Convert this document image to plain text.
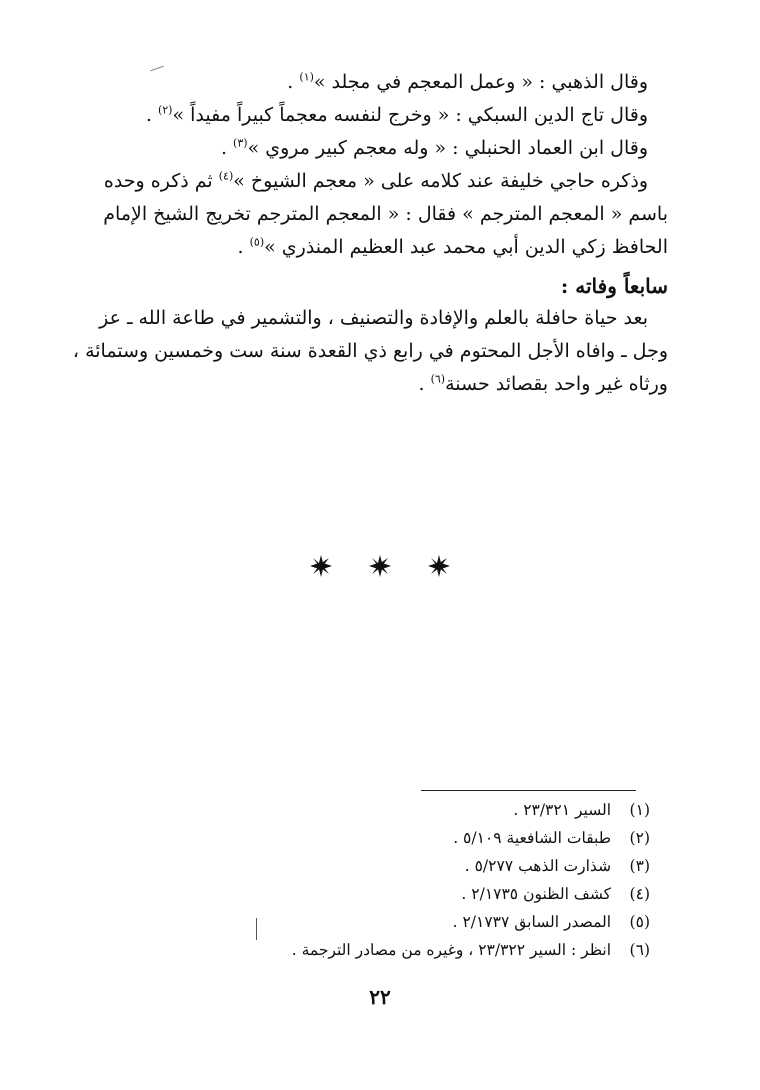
وقال الذهبي : « وعمل المعجم في مجلد »$^{(١)}$ .
وقال تاج الدين السبكي : « وخرج لنفسه معجماً كبيراً مفيداً »$^{(٢)}$ .
وقال ابن العماد الحنبلي : « وله معجم كبير مروي »$^{(٣)}$ .
وذكره حاجي خليفة عند كلامه على « معجم الشيوخ »$^{(٤)}$ ثم ذكره وحده
باسم « المعجم المترجم » فقال : « المعجم المترجم تخريج الشيخ الإمام
الحافظ زكي الدين أبي محمد عبد العظيم المنذري »$^{(٥)}$ .
سابعاً وفاته :
بعد حياة حافلة بالعلم والإفادة والتصنيف ، والتشمير في طاعة الله ـ عز
وجل ـ وافاه الأجل المحتوم في رابع ذي القعدة سنة ست وخمسين وستمائة ،
ورثاه غير واحد بقصائد حسنة$^{(٦)}$ .

(١) السير ٢٣/٣٢١ .
(٢) طبقات الشافعية ٥/١٠٩ .
(٣) شذارت الذهب ٥/٢٧٧ .
(٤) كشف الظنون ٢/١٧٣٥ .
(٥) المصدر السابق ٢/١٧٣٧ .
(٦) انظر : السير ٢٣/٣٢٢ ، وغيره من مصادر الترجمة .
٢٢
